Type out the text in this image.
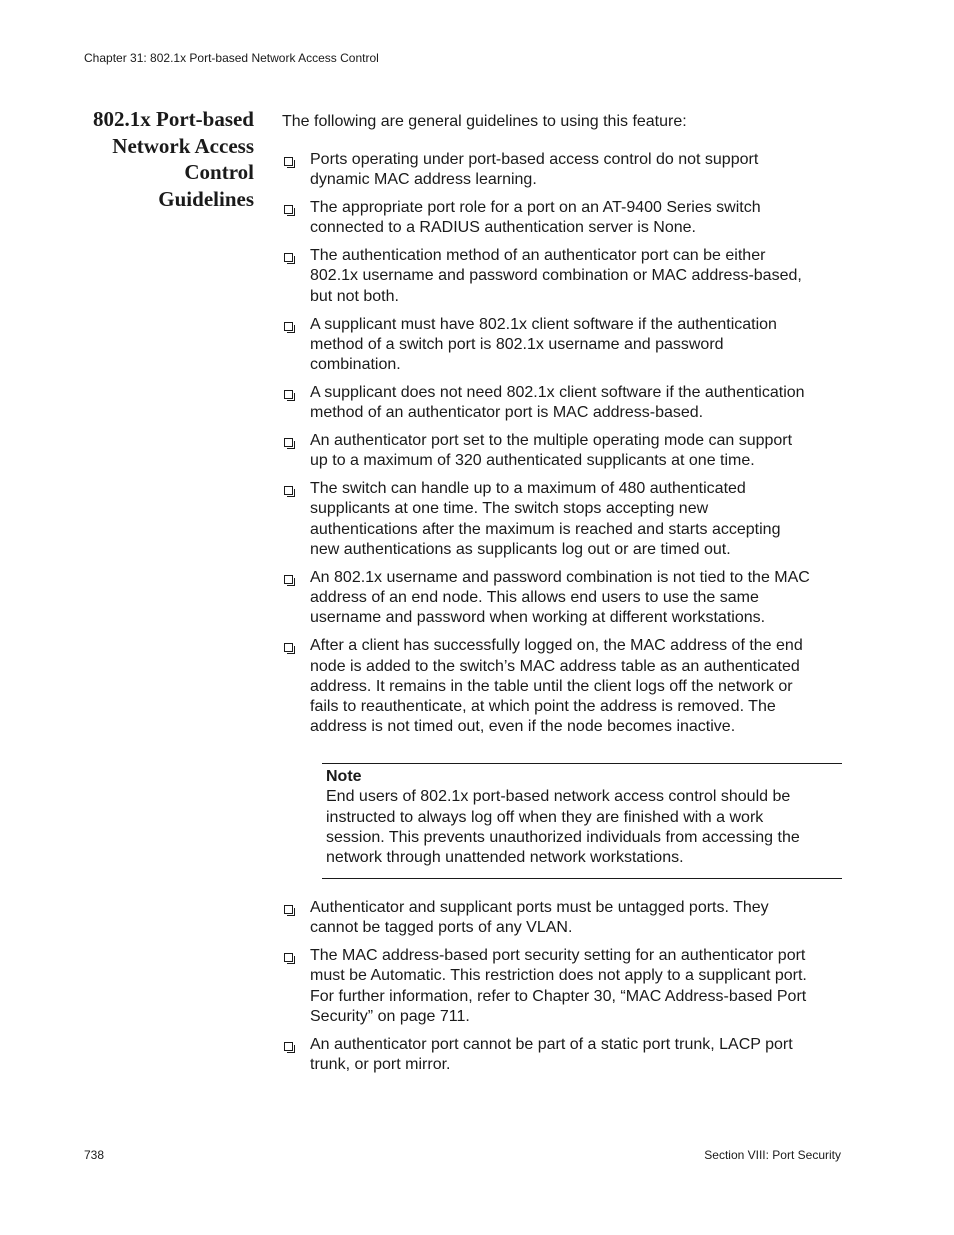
Chapter 31: 802.1x Port-based Network Access Control
802.1x Port-based
Network Access
Control
Guidelines
The following are general guidelines to using this feature:
Ports operating under port-based access control do not support
dynamic MAC address learning.
The appropriate port role for a port on an AT-9400 Series switch
connected to a RADIUS authentication server is None.
The authentication method of an authenticator port can be either
802.1x username and password combination or MAC address-based,
but not both.
A supplicant must have 802.1x client software if the authentication
method of a switch port is 802.1x username and password
combination.
A supplicant does not need 802.1x client software if the authentication
method of an authenticator port is MAC address-based.
An authenticator port set to the multiple operating mode can support
up to a maximum of 320 authenticated supplicants at one time.
The switch can handle up to a maximum of 480 authenticated
supplicants at one time. The switch stops accepting new
authentications after the maximum is reached and starts accepting
new authentications as supplicants log out or are timed out.
An 802.1x username and password combination is not tied to the MAC
address of an end node. This allows end users to use the same
username and password when working at different workstations.
After a client has successfully logged on, the MAC address of the end
node is added to the switch’s MAC address table as an authenticated
address. It remains in the table until the client logs off the network or
fails to reauthenticate, at which point the address is removed. The
address is not timed out, even if the node becomes inactive.
Note
End users of 802.1x port-based network access control should be
instructed to always log off when they are finished with a work
session. This prevents unauthorized individuals from accessing the
network through unattended network workstations.
Authenticator and supplicant ports must be untagged ports. They
cannot be tagged ports of any VLAN.
The MAC address-based port security setting for an authenticator port
must be Automatic. This restriction does not apply to a supplicant port.
For further information, refer to Chapter 30, “MAC Address-based Port
Security” on page 711.
An authenticator port cannot be part of a static port trunk, LACP port
trunk, or port mirror.
738	Section VIII: Port Security
